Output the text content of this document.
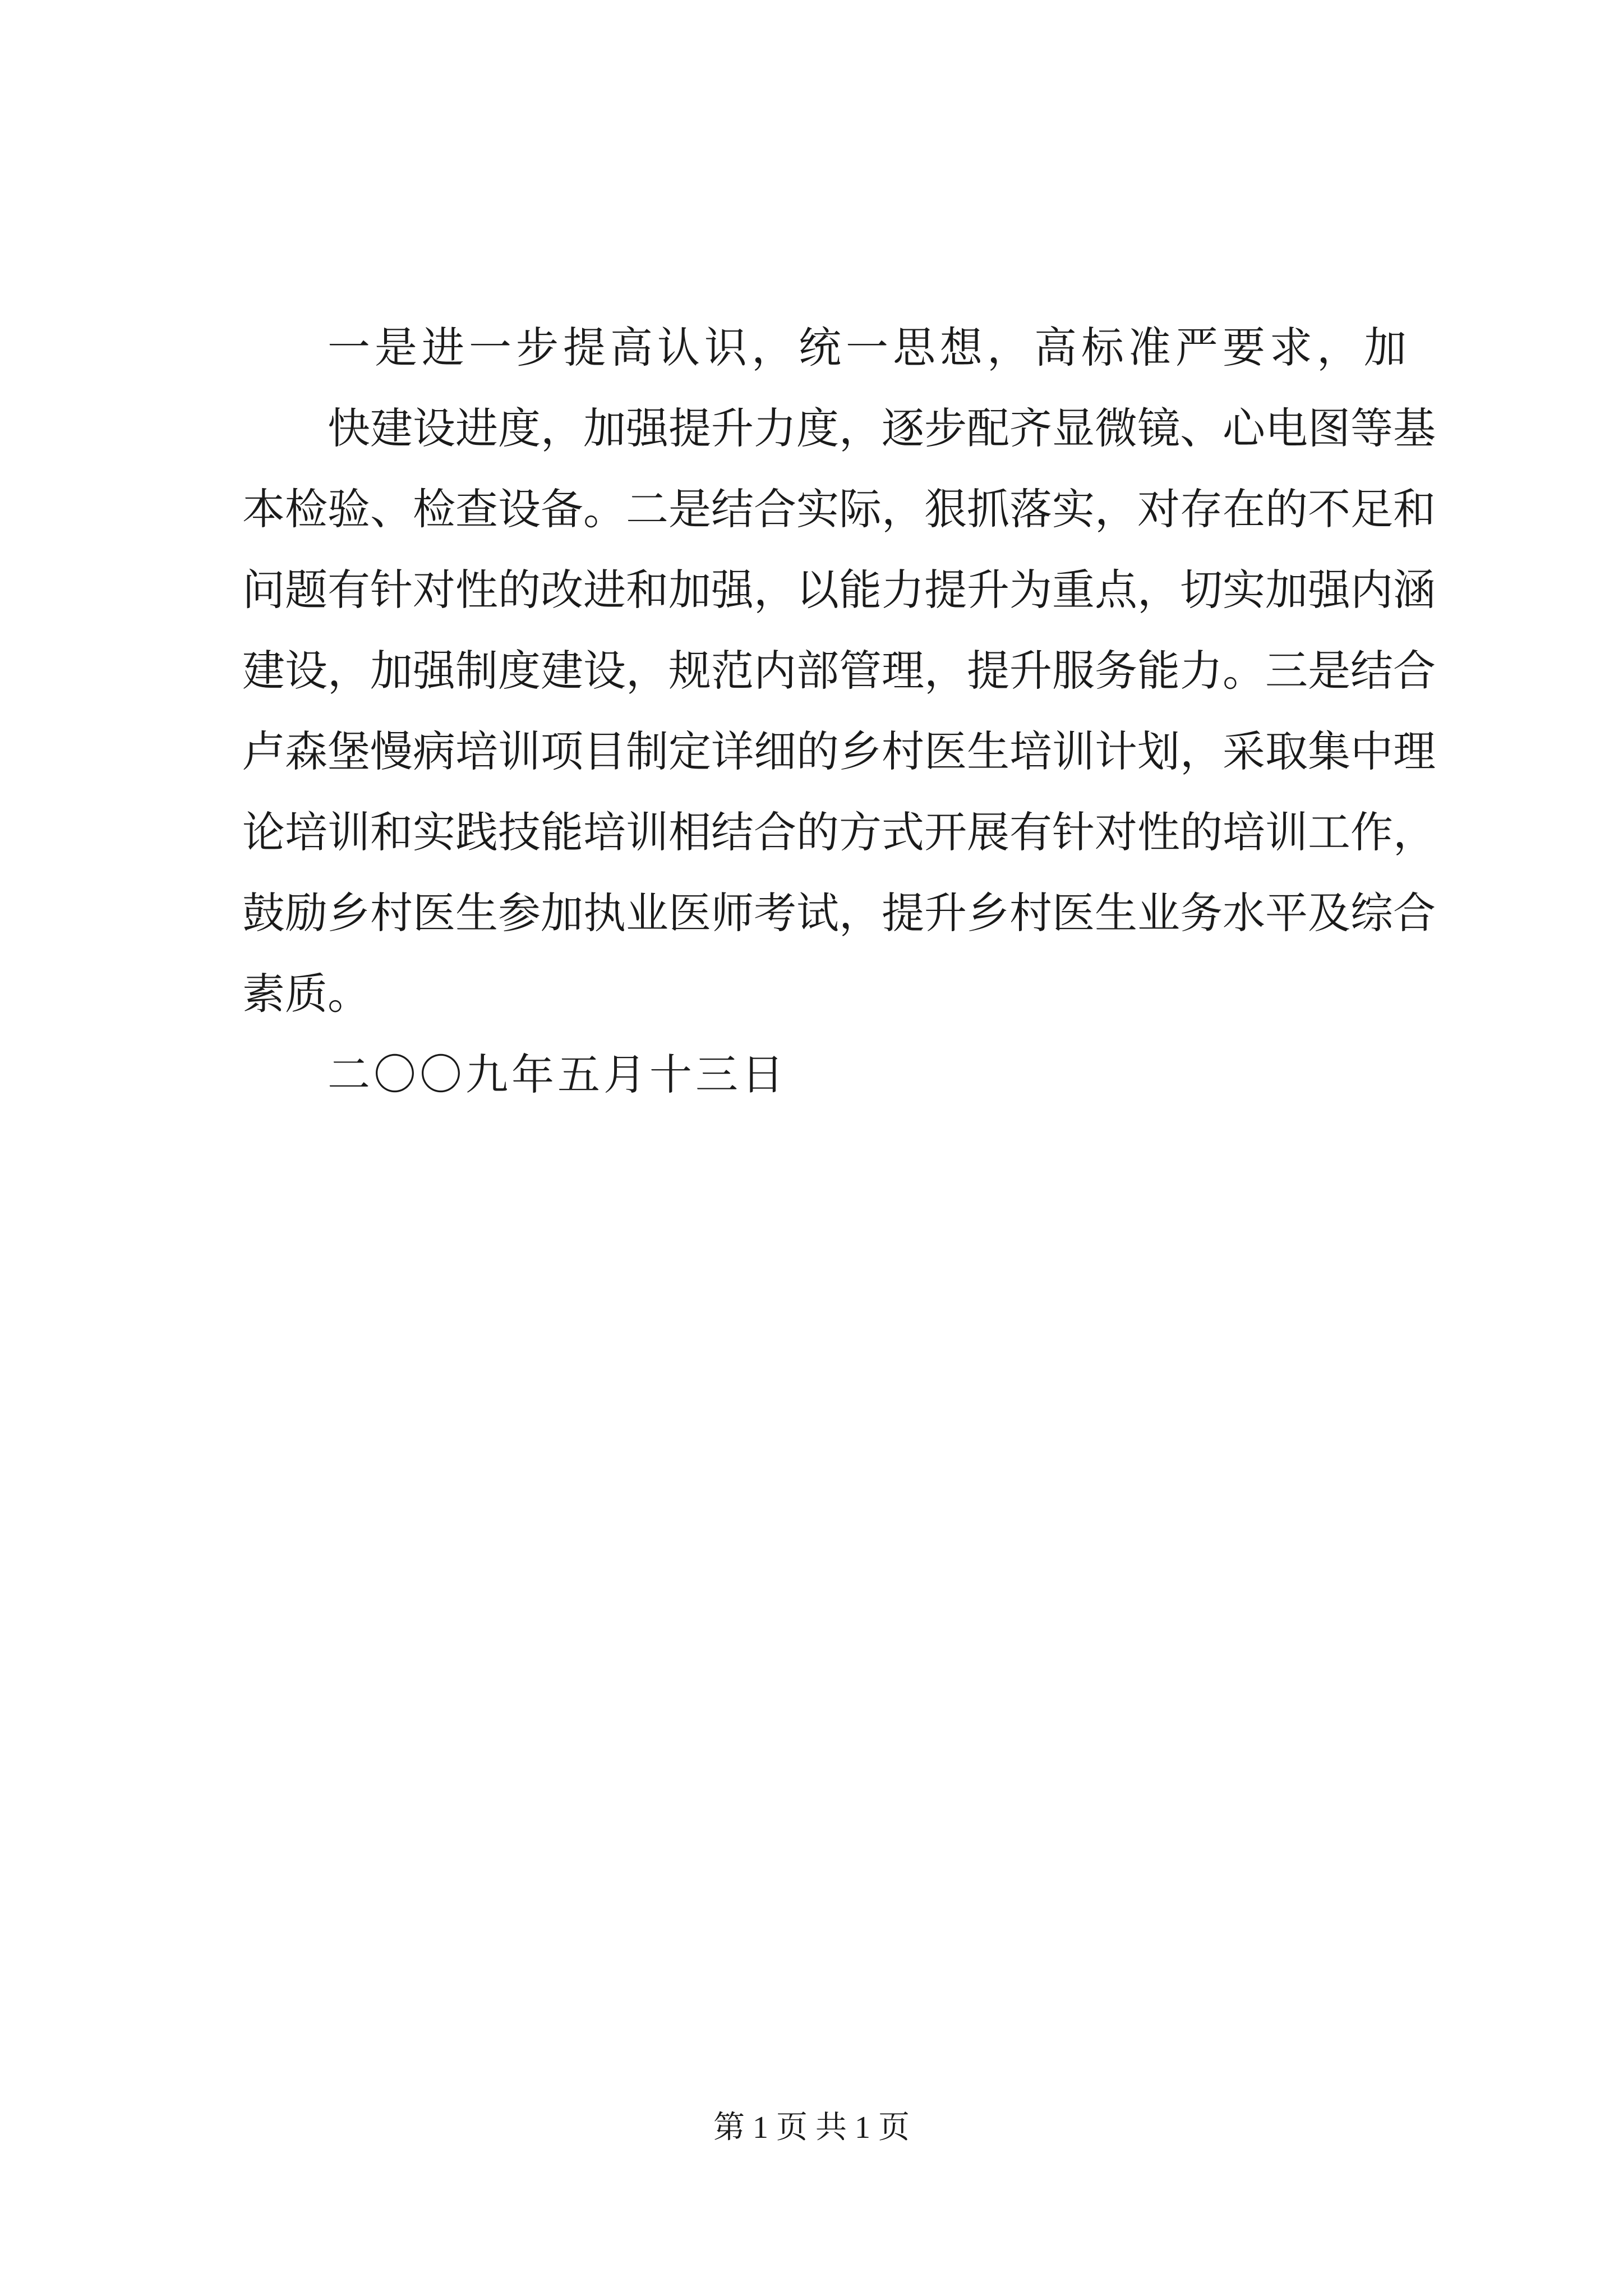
一是进一步提高认识，统一思想，高标准严要求，加
快建设进度，加强提升力度，逐步配齐显微镜、心电图等基
本检验、检查设备。二是结合实际，狠抓落实，对存在的不足和
问题有针对性的改进和加强，以能力提升为重点，切实加强内涵
建设，加强制度建设，规范内部管理，提升服务能力。三是结合
卢森堡慢病培训项目制定详细的乡村医生培训计划，采取集中理
论培训和实践技能培训相结合的方式开展有针对性的培训工作，
鼓励乡村医生参加执业医师考试，提升乡村医生业务水平及综合
素质。
二〇〇九年五月十三日
第 1 页 共 1 页
